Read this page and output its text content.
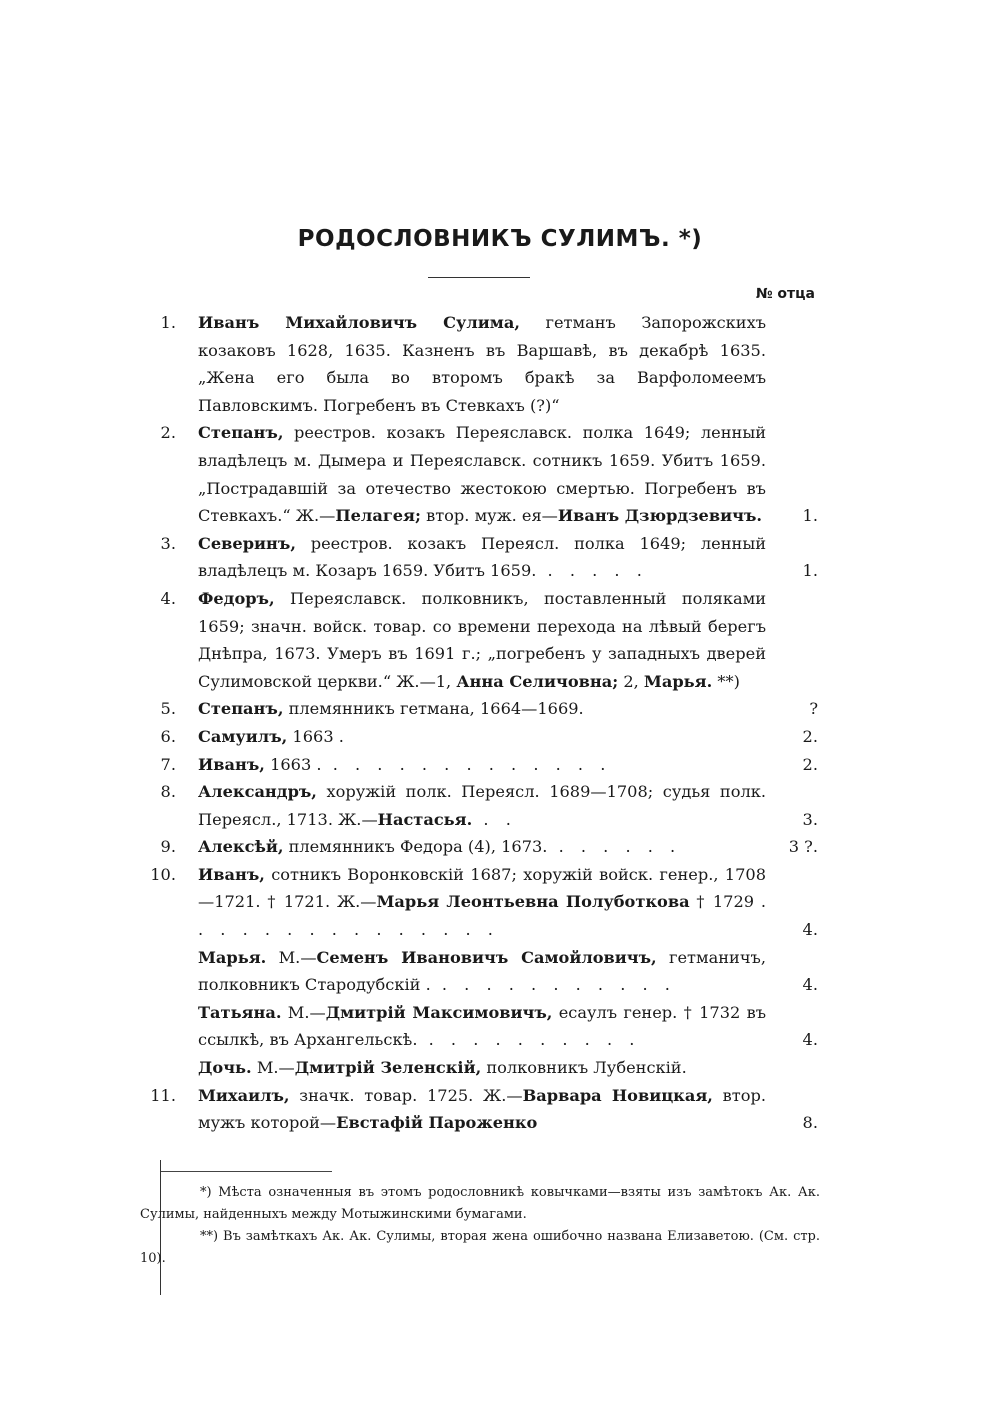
РОДОСЛОВНИКЪ СУЛИМЪ. *)
№ отца
1. Иванъ Михайловичъ Сулима, гетманъ Запорожскихъ козаковъ 1628, 1635. Казненъ въ Варшавѣ, въ декабрѣ 1635. „Жена его была во второмъ бракѣ за Варфоломеемъ Павловскимъ. Погребенъ въ Стевкахъ (?)“
2. Степанъ, реестров. козакъ Переяславск. полка 1649; ленный владѣлецъ м. Дымера и Переяславск. сотникъ 1659. Убитъ 1659. „Пострадавшій за отечество жестокою смертью. Погребенъ въ Стевкахъ.“ Ж.—Пелагея; втор. муж. ея—Иванъ Дзюрдзевичъ.	1.
3. Северинъ, реестров. козакъ Переясл. полка 1649; ленный владѣлецъ м. Козаръ 1659. Убитъ 1659. . . . . .	1.
4. Федоръ, Переяславск. полковникъ, поставленный поляками 1659; значн. войск. товар. со времени перехода на лѣвый берегъ Днѣпра, 1673. Умеръ въ 1691 г.; „погребенъ у западныхъ дверей Сулимовской церкви.“ Ж.—1, Анна Селичовна; 2, Марья. **)
5. Степанъ, племянникъ гетмана, 1664—1669.	?
6. Самуилъ, 1663 .	2.
7. Иванъ, 1663 . . . . . . . . . . . . . .	2.
8. Александръ, хоружій полк. Переясл. 1689—1708; судья полк. Переясл., 1713. Ж.—Настасья. . .	3.
9. Алексѣй, племянникъ Федора (4), 1673. . . . . . .	3 ?.
10. Иванъ, сотникъ Воронковскій 1687; хоружій войск. генер., 1708—1721. † 1721. Ж.—Марья Леонтьевна Полуботкова † 1729 . . . . . . . . . . . . . . .	4.
Марья. М.—Семенъ Ивановичъ Самойловичъ, гетманичъ, полковникъ Стародубскій . . . . . . . . . . . .	4.
Татьяна. М.—Дмитрій Максимовичъ, есаулъ генер. † 1732 въ ссылкѣ, въ Архангельскѣ. . . . . . . . . . .	4.
Дочь. М.—Дмитрій Зеленскій, полковникъ Лубенскій.
11. Михаилъ, значк. товар. 1725. Ж.—Варвара Новицкая, втор. мужъ которой—Евстафій Пароженко	8.
*) Мѣста означенныя въ этомъ родословникѣ ковычками—взяты изъ замѣтокъ Ак. Ак. Сулимы, найденныхъ между Мотыжинскими бумагами.
**) Въ замѣткахъ Ак. Ак. Сулимы, вторая жена ошибочно названа Елизаветою. (См. стр. 10).
